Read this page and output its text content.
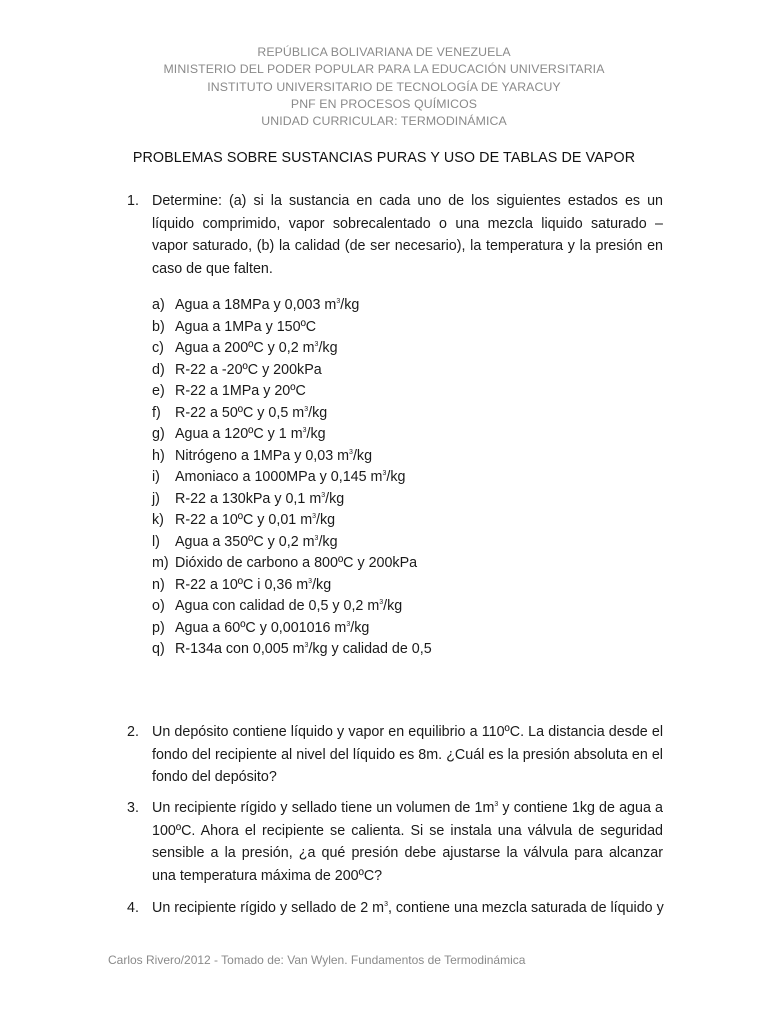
REPÚBLICA BOLIVARIANA DE VENEZUELA
MINISTERIO DEL PODER POPULAR PARA LA EDUCACIÓN UNIVERSITARIA
INSTITUTO UNIVERSITARIO DE TECNOLOGÍA DE YARACUY
PNF EN PROCESOS QUÍMICOS
UNIDAD CURRICULAR: TERMODINÁMICA
PROBLEMAS SOBRE SUSTANCIAS PURAS Y USO DE TABLAS DE VAPOR
1. Determine: (a) si la sustancia en cada uno de los siguientes estados es un líquido comprimido, vapor sobrecalentado o una mezcla liquido saturado – vapor saturado, (b) la calidad (de ser necesario), la temperatura y la presión en caso de que falten.
a) Agua a 18MPa y 0,003 $m^3/kg$
b) Agua a 1MPa y 150ºC
c) Agua a 200ºC y 0,2 $m^3/kg$
d) R-22 a -20ºC y 200kPa
e) R-22 a 1MPa y 20ºC
f) R-22 a 50ºC y 0,5 $m^3/kg$
g) Agua a 120ºC y 1 $m^3/kg$
h) Nitrógeno a 1MPa y 0,03 $m^3/kg$
i) Amoniaco a 1000MPa y 0,145 $m^3/kg$
j) R-22 a 130kPa y 0,1 $m^3/kg$
k) R-22 a 10ºC y 0,01 $m^3/kg$
l) Agua a 350ºC y 0,2 $m^3/kg$
m) Dióxido de carbono a 800ºC y 200kPa
n) R-22 a 10ºC i 0,36 $m^3/kg$
o) Agua con calidad de 0,5 y 0,2 $m^3/kg$
p) Agua a 60ºC y 0,001016 $m^3/kg$
q) R-134a con 0,005 $m^3/kg$ y calidad de 0,5
2. Un depósito contiene líquido y vapor en equilibrio a 110ºC. La distancia desde el fondo del recipiente al nivel del líquido es 8m. ¿Cuál es la presión absoluta en el fondo del depósito?
3. Un recipiente rígido y sellado tiene un volumen de $1m^3$ y contiene 1kg de agua a 100ºC. Ahora el recipiente se calienta. Si se instala una válvula de seguridad sensible a la presión, ¿a qué presión debe ajustarse la válvula para alcanzar una temperatura máxima de 200ºC?
4. Un recipiente rígido y sellado de 2 $m^3$, contiene una mezcla saturada de líquido y
Carlos Rivero/2012 - Tomado de: Van Wylen. Fundamentos de Termodinámica
